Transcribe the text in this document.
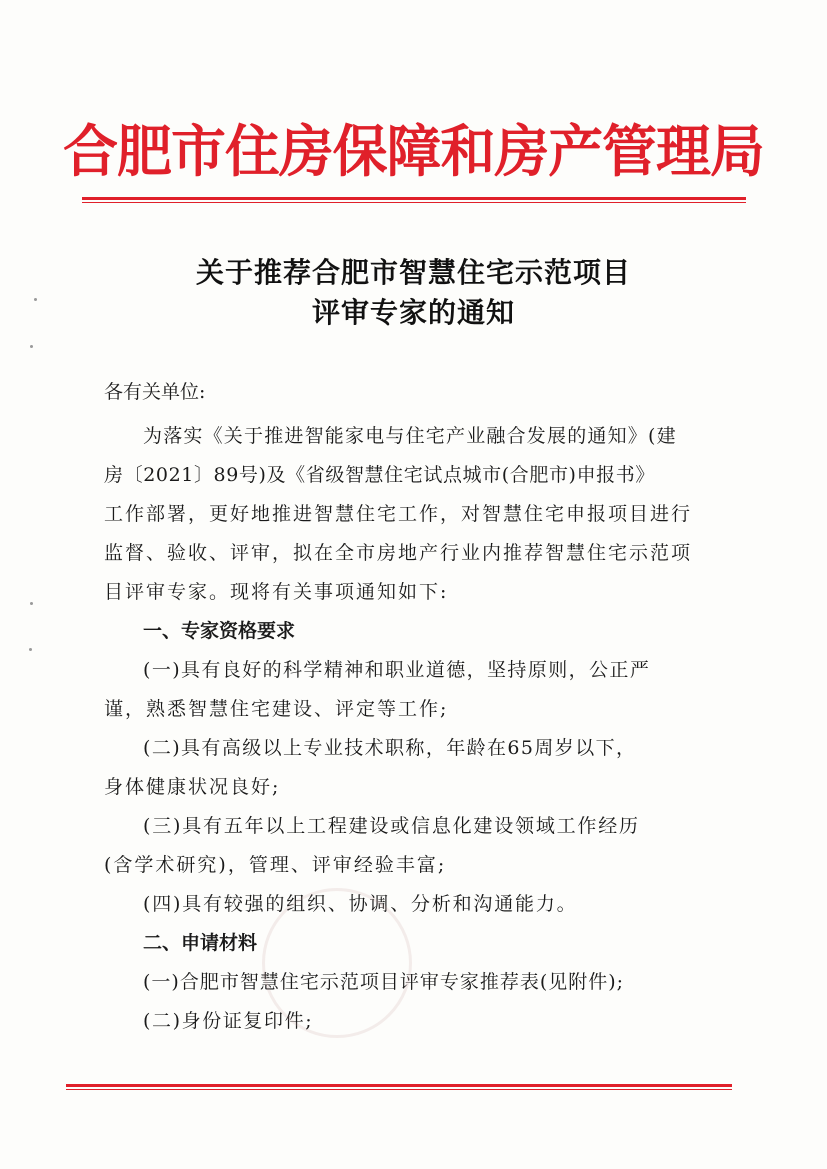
合肥市住房保障和房产管理局
关于推荐合肥市智慧住宅示范项目
评审专家的通知
各有关单位:
为落实《关于推进智能家电与住宅产业融合发展的通知》(建
房〔2021〕89号)及《省级智慧住宅试点城市(合肥市)申报书》
工作部署，更好地推进智慧住宅工作，对智慧住宅申报项目进行
监督、验收、评审，拟在全市房地产行业内推荐智慧住宅示范项
目评审专家。现将有关事项通知如下:
一、专家资格要求
(一)具有良好的科学精神和职业道德，坚持原则，公正严
谨，熟悉智慧住宅建设、评定等工作;
(二)具有高级以上专业技术职称，年龄在65周岁以下，
身体健康状况良好;
(三)具有五年以上工程建设或信息化建设领域工作经历
(含学术研究)，管理、评审经验丰富;
(四)具有较强的组织、协调、分析和沟通能力。
二、申请材料
(一)合肥市智慧住宅示范项目评审专家推荐表(见附件);
(二)身份证复印件;
